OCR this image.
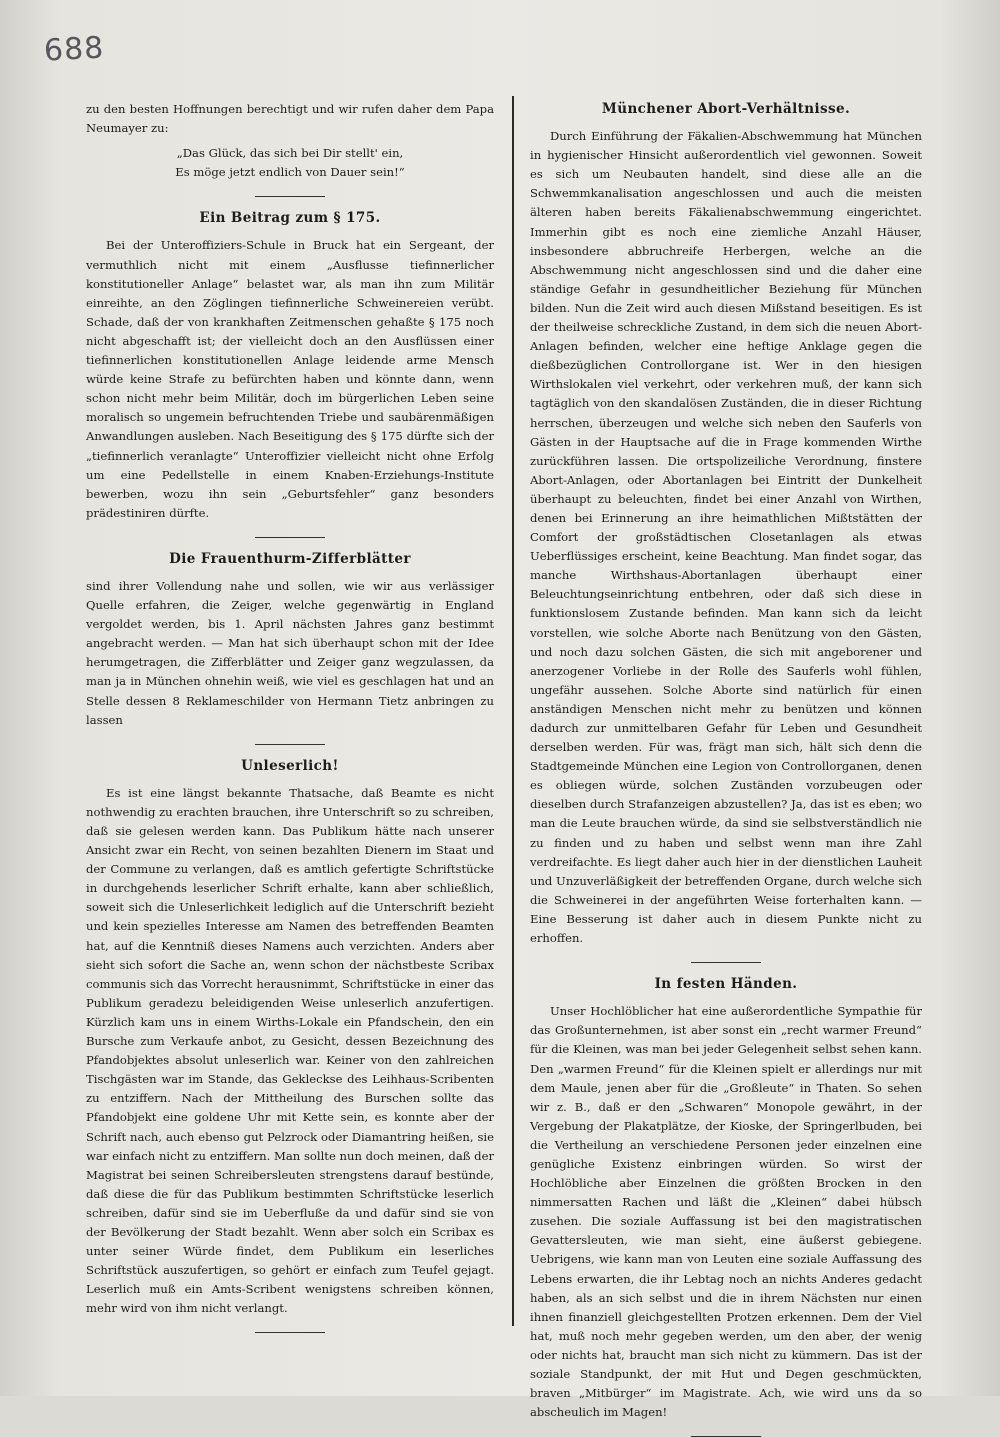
688

zu den besten Hoffnungen berechtigt und wir rufen daher dem Papa Neumayer zu:

„Das Glück, das sich bei Dir stellt' ein,

Es möge jetzt endlich von Dauer sein!“

Ein Beitrag zum § 175.

Bei der Unteroffiziers-Schule in Bruck hat ein Sergeant, der vermuthlich nicht mit einem „Ausflusse tiefinnerlicher konstitutioneller Anlage“ belastet war, als man ihn zum Militär einreihte, an den Zöglingen tiefinnerliche Schweinereien verübt. Schade, daß der von krankhaften Zeitmenschen gehaßte § 175 noch nicht abgeschafft ist; der vielleicht doch an den Ausflüssen einer tiefinnerlichen konstitutionellen Anlage leidende arme Mensch würde keine Strafe zu befürchten haben und könnte dann, wenn schon nicht mehr beim Militär, doch im bürgerlichen Leben seine moralisch so ungemein befruchtenden Triebe und saubärenmäßigen Anwandlungen ausleben. Nach Beseitigung des § 175 dürfte sich der „tiefinnerlich veranlagte“ Unteroffizier vielleicht nicht ohne Erfolg um eine Pedellstelle in einem Knaben-Erziehungs-Institute bewerben, wozu ihn sein „Geburtsfehler“ ganz besonders prädestiniren dürfte.

Die Frauenthurm-Zifferblätter

sind ihrer Vollendung nahe und sollen, wie wir aus verlässiger Quelle erfahren, die Zeiger, welche gegenwärtig in England vergoldet werden, bis 1. April nächsten Jahres ganz bestimmt angebracht werden. — Man hat sich überhaupt schon mit der Idee herumgetragen, die Zifferblätter und Zeiger ganz wegzulassen, da man ja in München ohnehin weiß, wie viel es geschlagen hat und an Stelle dessen 8 Reklameschilder von Hermann Tietz anbringen zu lassen

Unleserlich!

Es ist eine längst bekannte Thatsache, daß Beamte es nicht nothwendig zu erachten brauchen, ihre Unterschrift so zu schreiben, daß sie gelesen werden kann. Das Publikum hätte nach unserer Ansicht zwar ein Recht, von seinen bezahlten Dienern im Staat und der Commune zu verlangen, daß es amtlich gefertigte Schriftstücke in durchgehends leserlicher Schrift erhalte, kann aber schließlich, soweit sich die Unleserlichkeit lediglich auf die Unterschrift bezieht und kein spezielles Interesse am Namen des betreffenden Beamten hat, auf die Kenntniß dieses Namens auch verzichten. Anders aber sieht sich sofort die Sache an, wenn schon der nächstbeste Scribax communis sich das Vorrecht herausnimmt, Schriftstücke in einer das Publikum geradezu beleidigenden Weise unleserlich anzufertigen. Kürzlich kam uns in einem Wirths-Lokale ein Pfandschein, den ein Bursche zum Verkaufe anbot, zu Gesicht, dessen Bezeichnung des Pfandobjektes absolut unleserlich war. Keiner von den zahlreichen Tischgästen war im Stande, das Gekleckse des Leihhaus-Scribenten zu entziffern. Nach der Mittheilung des Burschen sollte das Pfandobjekt eine goldene Uhr mit Kette sein, es konnte aber der Schrift nach, auch ebenso gut Pelzrock oder Diamantring heißen, sie war einfach nicht zu entziffern. Man sollte nun doch meinen, daß der Magistrat bei seinen Schreibersleuten strengstens darauf bestünde, daß diese die für das Publikum bestimmten Schriftstücke leserlich schreiben, dafür sind sie im Ueberfluße da und dafür sind sie von der Bevölkerung der Stadt bezahlt. Wenn aber solch ein Scribax es unter seiner Würde findet, dem Publikum ein leserliches Schriftstück auszufertigen, so gehört er einfach zum Teufel gejagt. Leserlich muß ein Amts-Scribent wenigstens schreiben können, mehr wird von ihm nicht verlangt.

Münchener Abort-Verhältnisse.

Durch Einführung der Fäkalien-Abschwemmung hat München in hygienischer Hinsicht außerordentlich viel gewonnen. Soweit es sich um Neubauten handelt, sind diese alle an die Schwemmkanalisation angeschlossen und auch die meisten älteren haben bereits Fäkalienabschwemmung eingerichtet. Immerhin gibt es noch eine ziemliche Anzahl Häuser, insbesondere abbruchreife Herbergen, welche an die Abschwemmung nicht angeschlossen sind und die daher eine ständige Gefahr in gesundheitlicher Beziehung für München bilden. Nun die Zeit wird auch diesen Mißstand beseitigen. Es ist der theilweise schreckliche Zustand, in dem sich die neuen Abort-Anlagen befinden, welcher eine heftige Anklage gegen die dießbezüglichen Controllorgane ist. Wer in den hiesigen Wirthslokalen viel verkehrt, oder verkehren muß, der kann sich tagtäglich von den skandalösen Zuständen, die in dieser Richtung herrschen, überzeugen und welche sich neben den Sauferls von Gästen in der Hauptsache auf die in Frage kommenden Wirthe zurückführen lassen. Die ortspolizeiliche Verordnung, finstere Abort-Anlagen, oder Abortanlagen bei Eintritt der Dunkelheit überhaupt zu beleuchten, findet bei einer Anzahl von Wirthen, denen bei Erinnerung an ihre heimathlichen Mißtstätten der Comfort der großstädtischen Closetanlagen als etwas Ueberflüssiges erscheint, keine Beachtung. Man findet sogar, das manche Wirthshaus-Abortanlagen überhaupt einer Beleuchtungseinrichtung entbehren, oder daß sich diese in funktionslosem Zustande befinden. Man kann sich da leicht vorstellen, wie solche Aborte nach Benützung von den Gästen, und noch dazu solchen Gästen, die sich mit angeborener und anerzogener Vorliebe in der Rolle des Sauferls wohl fühlen, ungefähr aussehen. Solche Aborte sind natürlich für einen anständigen Menschen nicht mehr zu benützen und können dadurch zur unmittelbaren Gefahr für Leben und Gesundheit derselben werden. Für was, frägt man sich, hält sich denn die Stadtgemeinde München eine Legion von Controllorganen, denen es obliegen würde, solchen Zuständen vorzubeugen oder dieselben durch Strafanzeigen abzustellen? Ja, das ist es eben; wo man die Leute brauchen würde, da sind sie selbstverständlich nie zu finden und zu haben und selbst wenn man ihre Zahl verdreifachte. Es liegt daher auch hier in der dienstlichen Lauheit und Unzuverläßigkeit der betreffenden Organe, durch welche sich die Schweinerei in der angeführten Weise forterhalten kann. — Eine Besserung ist daher auch in diesem Punkte nicht zu erhoffen.

In festen Händen.

Unser Hochlöblicher hat eine außerordentliche Sympathie für das Großunternehmen, ist aber sonst ein „recht warmer Freund“ für die Kleinen, was man bei jeder Gelegenheit selbst sehen kann. Den „warmen Freund“ für die Kleinen spielt er allerdings nur mit dem Maule, jenen aber für die „Großleute“ in Thaten. So sehen wir z. B., daß er den „Schwaren“ Monopole gewährt, in der Vergebung der Plakatplätze, der Kioske, der Springerlbuden, bei die Vertheilung an verschiedene Personen jeder einzelnen eine genügliche Existenz einbringen würden. So wirst der Hochlöbliche aber Einzelnen die größten Brocken in den nimmersatten Rachen und läßt die „Kleinen“ dabei hübsch zusehen. Die soziale Auffassung ist bei den magistratischen Gevattersleuten, wie man sieht, eine äußerst gebiegene. Uebrigens, wie kann man von Leuten eine soziale Auffassung des Lebens erwarten, die ihr Lebtag noch an nichts Anderes gedacht haben, als an sich selbst und die in ihrem Nächsten nur einen ihnen finanziell gleichgestellten Protzen erkennen. Dem der Viel hat, muß noch mehr gegeben werden, um den aber, der wenig oder nichts hat, braucht man sich nicht zu kümmern. Das ist der soziale Standpunkt, der mit Hut und Degen geschmückten, braven „Mitbürger“ im Magistrate. Ach, wie wird uns da so abscheulich im Magen!
